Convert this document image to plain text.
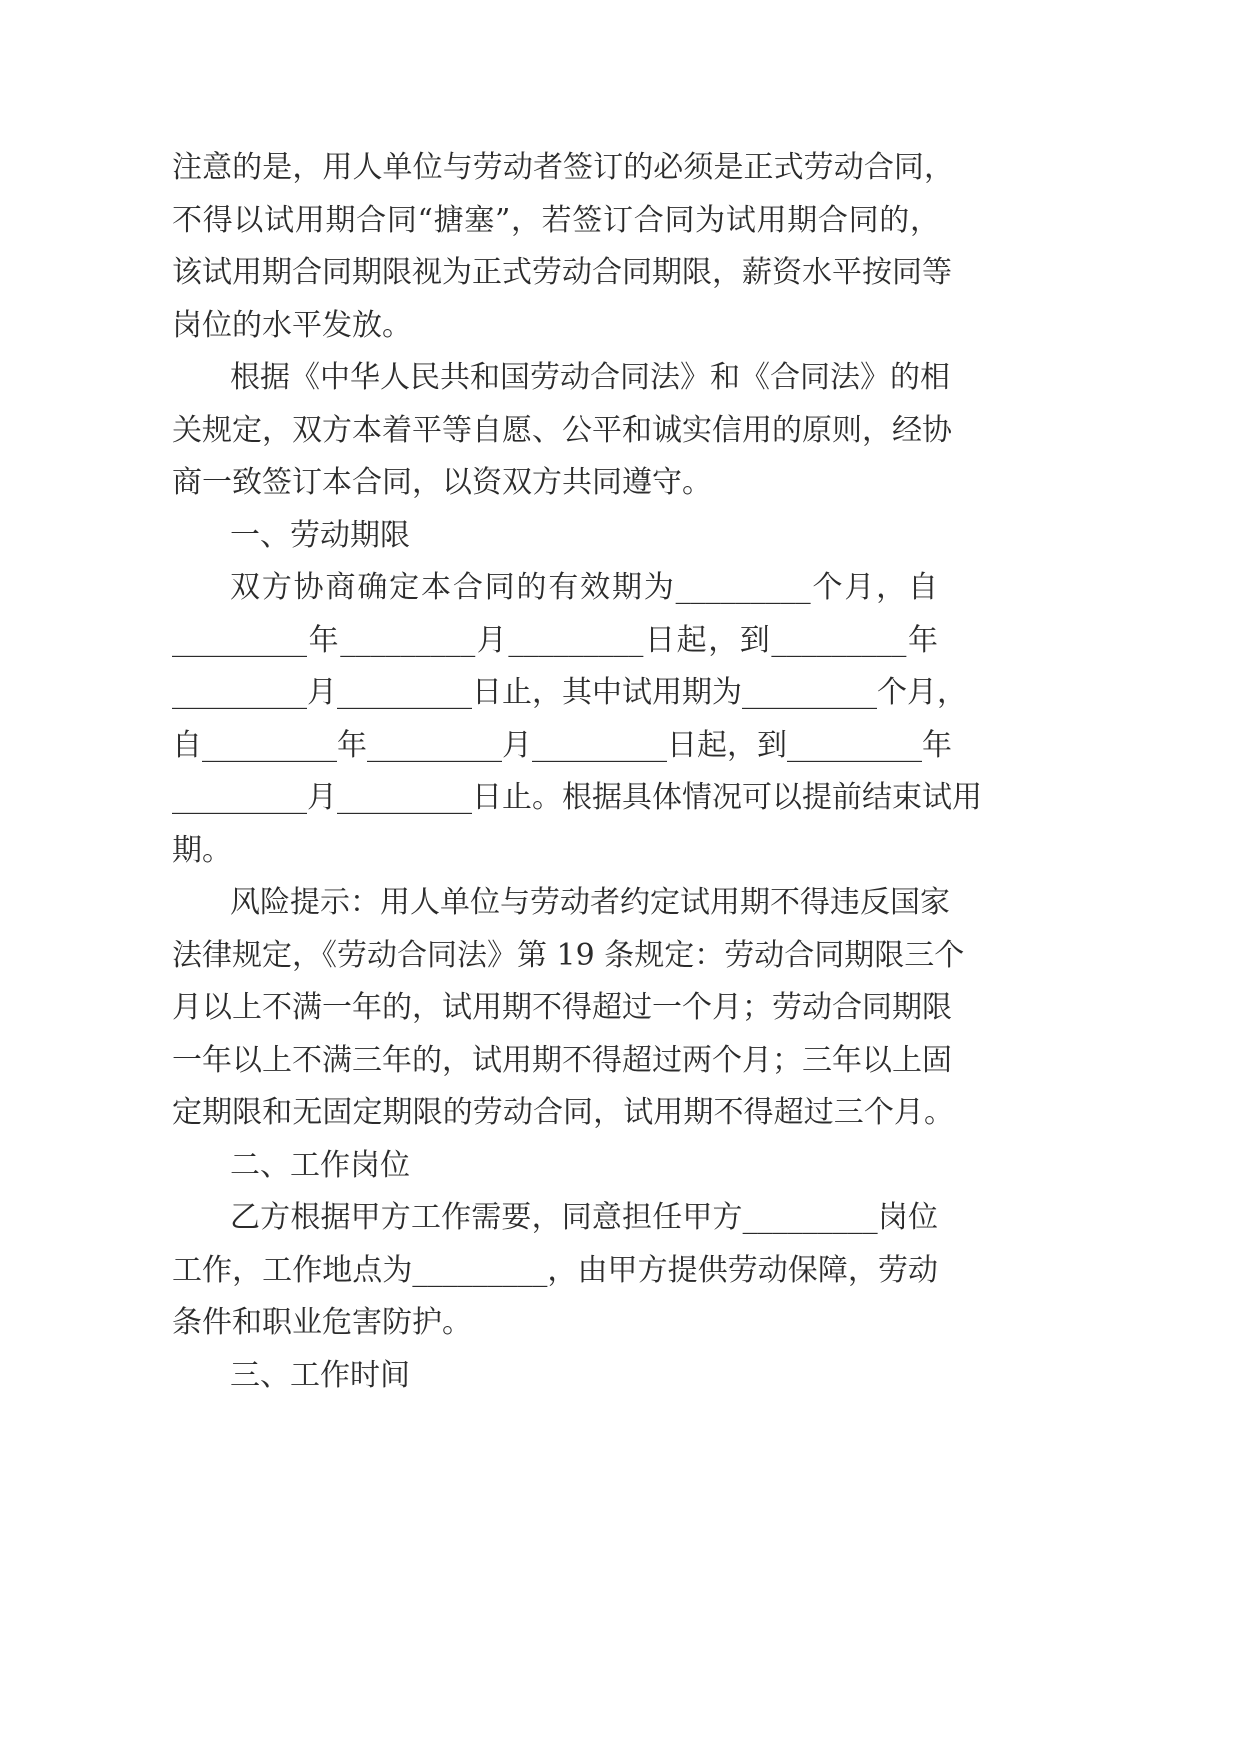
注意的是，用人单位与劳动者签订的必须是正式劳动合同，
不得以试用期合同“搪塞”，若签订合同为试用期合同的，
该试用期合同期限视为正式劳动合同期限，薪资水平按同等
岗位的水平发放。
根据《中华人民共和国劳动合同法》和《合同法》的相
关规定，双方本着平等自愿、公平和诚实信用的原则，经协
商一致签订本合同，以资双方共同遵守。
一、劳动期限
双方协商确定本合同的有效期为_________个月，自
_________年_________月_________日起，到_________年
_________月_________日止，其中试用期为_________个月，
自_________年_________月_________日起，到_________年
_________月_________日止。根据具体情况可以提前结束试用
期。
风险提示：用人单位与劳动者约定试用期不得违反国家
法律规定，《劳动合同法》第 19 条规定：劳动合同期限三个
月以上不满一年的，试用期不得超过一个月；劳动合同期限
一年以上不满三年的，试用期不得超过两个月；三年以上固
定期限和无固定期限的劳动合同，试用期不得超过三个月。
二、工作岗位
乙方根据甲方工作需要，同意担任甲方_________岗位
工作，工作地点为_________，由甲方提供劳动保障，劳动
条件和职业危害防护。
三、工作时间
